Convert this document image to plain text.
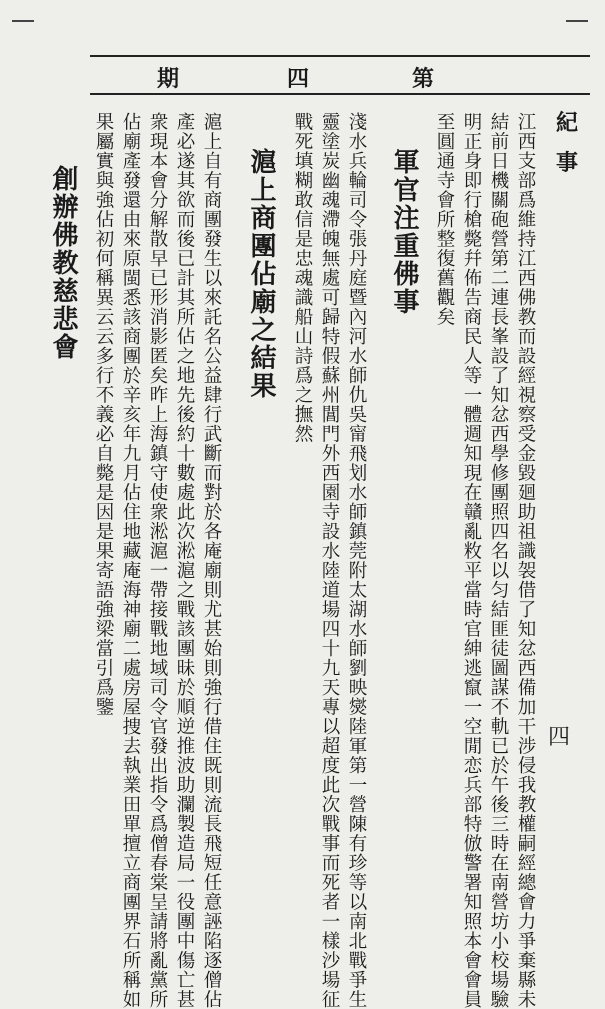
第
四
期
紀
事
四
江西支部爲維持江西佛教而設經視察受金毀廻助祖識袈借了知忿西備加干涉侵我教權嗣經總會力爭棄縣未
結前日機關砲營第二連長峯設了知忿西學修團照四名以匀結匪徒圖謀不軌已於午後三時在南營坊小校場驗
明正身即行槍斃幷佈告商民人等一體週知現在贛亂敉平當時官紳逃竄一空閒恋兵部特倣警署知照本會會員
至圓通寺會所整復舊觀矣
軍官注重佛事
淺水兵輪司令張丹庭暨內河水師仇吳甯飛划水師鎮莞附太湖水師劉映爕陸軍第一營陳有珍等以南北戰爭生
靈塗炭幽魂滯魄無處可歸特假蘇州閶門外西園寺設水陸道場四十九天專以超度此次戰事而死者一樣沙場征
戰死填糊敢信是忠魂識船山詩爲之撫然
滬上商團佔廟之結果
滬上自有商團發生以來託名公益肆行武斷而對於各庵廟則尤甚始則強行借住既則流長飛短任意誣陷逐僧佔
產必遂其欲而後已計其所佔之地先後約十數處此次淞滬之戰該團昧於順逆推波助瀾製造局一役團中傷亡甚
衆現本會分解散早已形消影匿矣昨上海鎮守使衆淞滬一帶接戰地域司令官發出指令爲僧春棠呈請將亂黨所
佔廟產發還由來原閩悉該商團於辛亥年九月佔住地藏庵海神廟二處房屋捜去執業田單擅立商團界石所稱如
果屬實與強佔初何稱異云云多行不義必自斃是因是果寄語強梁當引爲鑒
創辦佛教慈悲會
